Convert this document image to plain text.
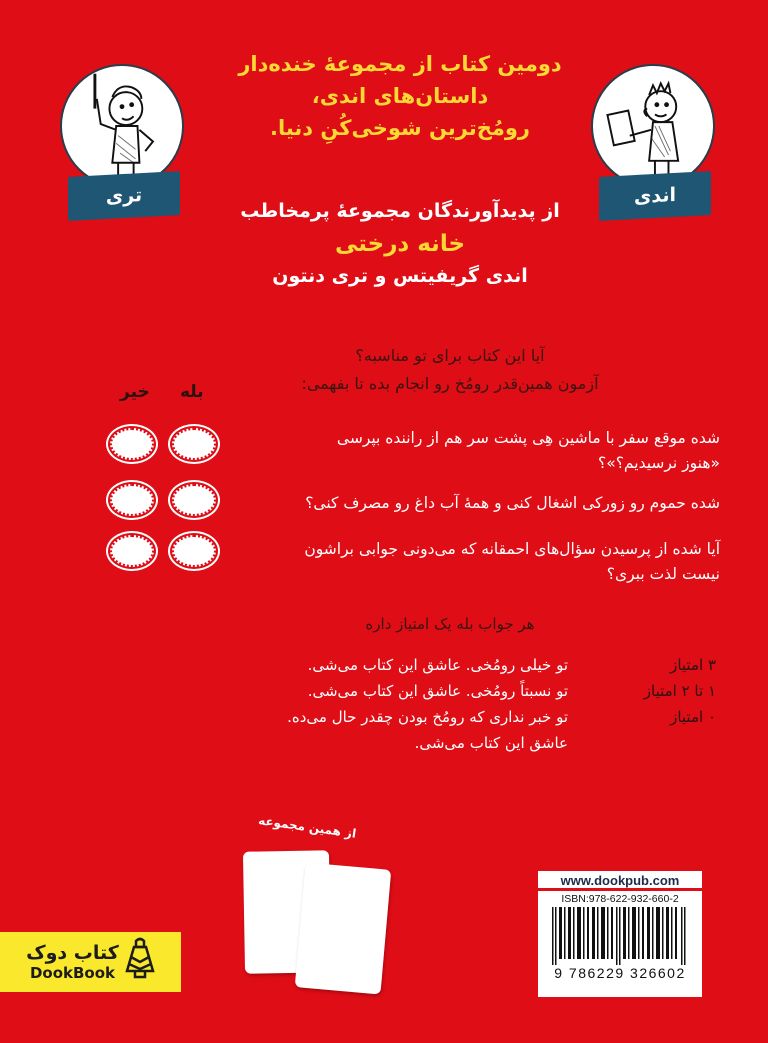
دومین کتاب از مجموعهٔ خنده‌دار
داستان‌های اندی،
رومُخ‌ترین شوخی‌کُنِ دنیا.
اندی
تری
از پدیدآورندگان مجموعهٔ پرمخاطب
خانه درختی
اندی گریفیتس و تری دنتون
آیا این کتاب برای تو مناسبه؟
آزمون همین‌قدر رومُخ رو انجام بده تا بفهمی:
بله
خیر
شده موقع سفر با ماشین هِی پشت سر هم از راننده بپرسی
«هنوز نرسیدیم؟»؟
شده حموم رو زورکی اشغال کنی و همهٔ آب داغ رو مصرف کنی؟
آیا شده از پرسیدن سؤال‌های احمقانه که می‌دونی جوابی براشون
نیست لذت ببری؟
هر جواب بله یک امتیاز داره
۳ امتیاز
تو خیلی رومُخی. عاشق این کتاب می‌شی.
۱ تا ۲ امتیاز
تو نسبتاً رومُخی. عاشق این کتاب می‌شی.
۰ امتیاز
تو خبر نداری که رومُخ بودن چقدر حال می‌ده.
عاشق این کتاب می‌شی.
از همین مجموعه
کتاب دوک
DookBook
www.dookpub.com
ISBN:978-622-932-660-2
9 786229 326602
